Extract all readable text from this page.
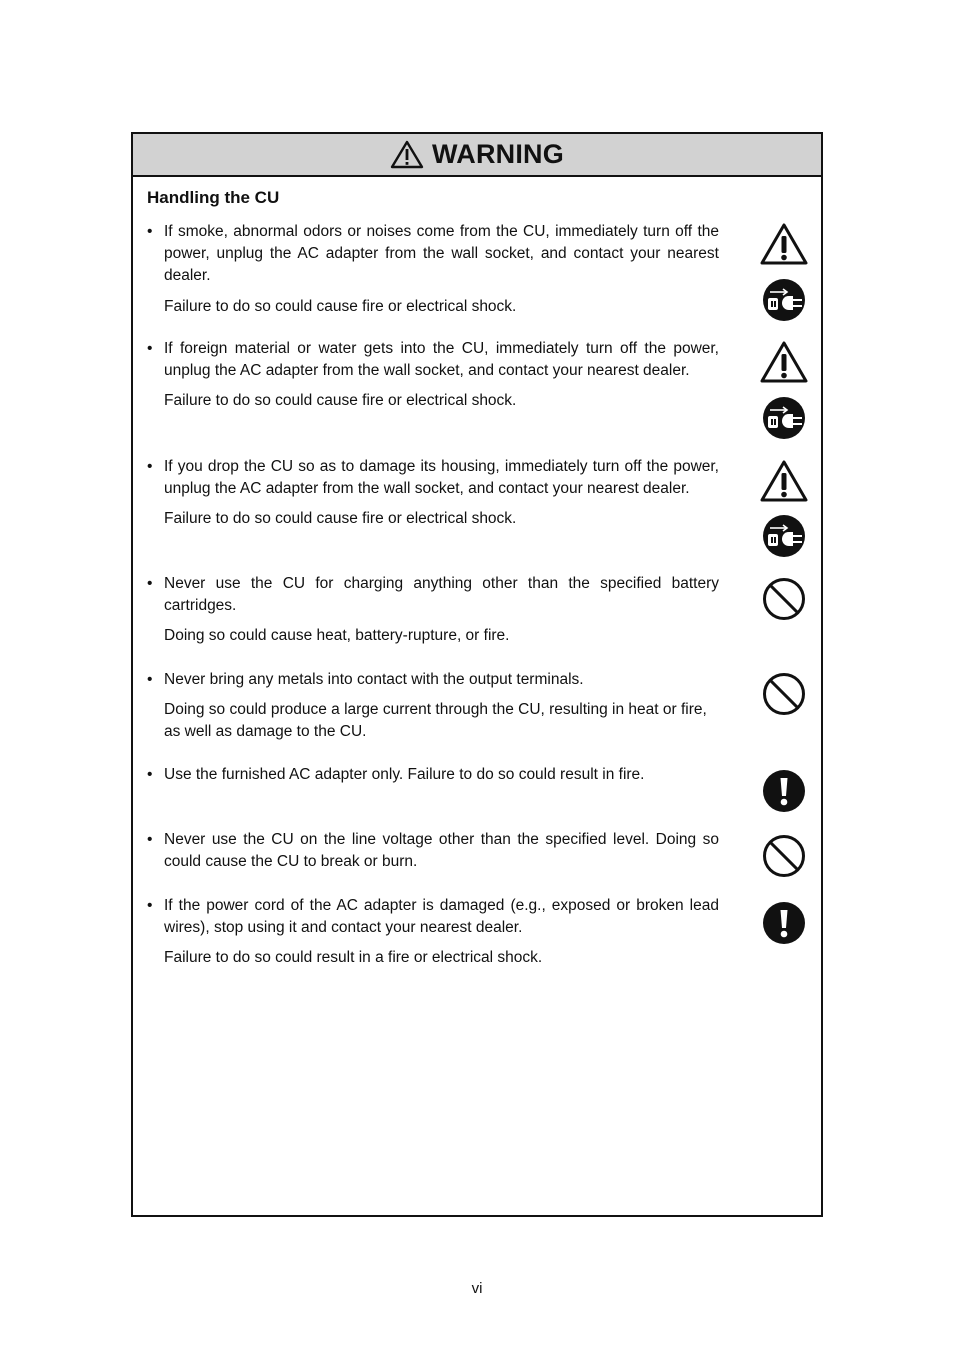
WARNING
Handling the CU
• If smoke, abnormal odors or noises come from the CU, immediately turn off the power, unplug the AC adapter from the wall socket, and contact your nearest dealer.
Failure to do so could cause fire or electrical shock.
• If foreign material or water gets into the CU, immediately turn off the power, unplug the AC adapter from the wall socket, and contact your nearest dealer.
Failure to do so could cause fire or electrical shock.
• If you drop the CU so as to damage its housing, immediately turn off the power, unplug the AC adapter from the wall socket, and contact your nearest dealer.
Failure to do so could cause fire or electrical shock.
• Never use the CU for charging anything other than the specified battery cartridges.
Doing so could cause heat, battery-rupture, or fire.
• Never bring any metals into contact with the output terminals.
Doing so could produce a large current through the CU, resulting in heat or fire, as well as damage to the CU.
• Use the furnished AC adapter only. Failure to do so could result in fire.
• Never use the CU on the line voltage other than the specified level. Doing so could cause the CU to break or burn.
• If the power cord of the AC adapter is damaged (e.g., exposed or broken lead wires), stop using it and contact your nearest dealer.
Failure to do so could result in a fire or electrical shock.
vi
